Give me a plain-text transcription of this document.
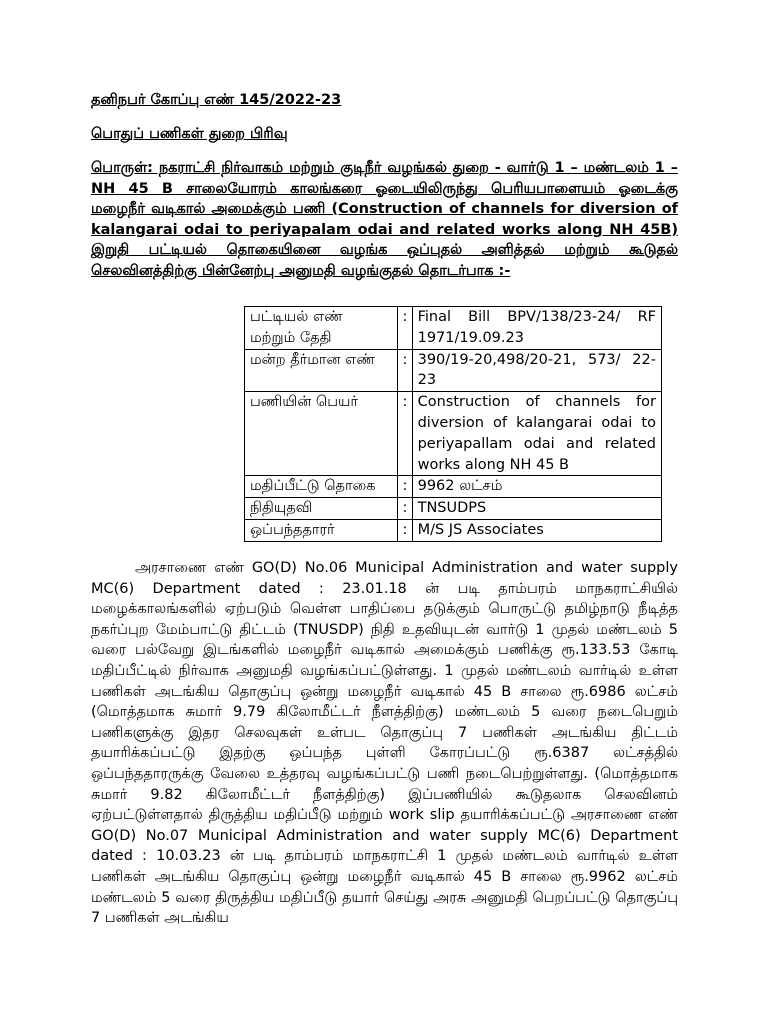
தனிநபர் கோப்பு எண் 145/2022-23
பொதுப் பணிகள் துறை பிரிவு
பொருள்: நகராட்சி நிர்வாகம் மற்றும் குடிநீர் வழங்கல் துறை - வார்டு 1 – மண்டலம் 1 – NH 45 B சாலையோரம் காலங்கரை ஓடையிலிருந்து பெரியபாளையம் ஓடைக்கு மழைநீர் வடிகால் அமைக்கும் பணி (Construction of channels for diversion of kalangarai odai to periyapalam odai and related works along NH 45B) இறுதி பட்டியல் தொகையினை வழங்க ஒப்புதல் அளித்தல் மற்றும் கூடுதல் செலவினத்திற்கு பின்னேற்பு அனுமதி வழங்குதல் தொடர்பாக :-
பட்டியல் எண் மற்றும் தேதி	:	Final Bill BPV/138/23-24/ RF 1971/19.09.23
மன்ற தீர்மான எண்	:	390/19-20,498/20-21, 573/ 22-23
பணியின் பெயர்	:	Construction of channels for diversion of kalangarai odai to periyapallam odai and related works along NH 45 B
மதிப்பீட்டு தொகை	:	9962 லட்சம்
நிதியுதவி	:	TNSUDPS
ஒப்பந்ததாரர்	:	M/S JS Associates
அரசாணை எண் GO(D) No.06 Municipal Administration and water supply MC(6) Department dated : 23.01.18 ன் படி தாம்பரம் மாநகராட்சியில் மழைக்காலங்களில் ஏற்படும் வெள்ள பாதிப்பை தடுக்கும் பொருட்டு தமிழ்நாடு நீடித்த நகர்ப்புற மேம்பாட்டு திட்டம் (TNUSDP) நிதி உதவியுடன் வார்டு 1 முதல் மண்டலம் 5 வரை பல்வேறு இடங்களில் மழைநீர் வடிகால் அமைக்கும் பணிக்கு ரூ.133.53 கோடி மதிப்பீட்டில் நிர்வாக அனுமதி வழங்கப்பட்டுள்ளது. 1 முதல் மண்டலம் வார்டில் உள்ள பணிகள் அடங்கிய தொகுப்பு ஒன்று மழைநீர் வடிகால் 45 B சாலை ரூ.6986 லட்சம் (மொத்தமாக சுமார் 9.79 கிலோமீட்டர் நீளத்திற்கு) மண்டலம் 5 வரை நடைபெறும் பணிகளுக்கு இதர செலவுகள் உள்பட தொகுப்பு 7 பணிகள் அடங்கிய திட்டம் தயாரிக்கப்பட்டு இதற்கு ஒப்பந்த புள்ளி கோரப்பட்டு ரூ.6387 லட்சத்தில் ஒப்பந்ததாரருக்கு வேலை உத்தரவு வழங்கப்பட்டு பணி நடைபெற்றுள்ளது. (மொத்தமாக சுமார் 9.82 கிலோமீட்டர் நீளத்திற்கு) இப்பணியில் கூடுதலாக செலவினம் ஏற்பட்டுள்ளதால் திருத்திய மதிப்பீடு மற்றும் work slip தயாரிக்கப்பட்டு அரசாணை எண் GO(D) No.07 Municipal Administration and water supply MC(6) Department dated : 10.03.23 ன் படி தாம்பரம் மாநகராட்சி 1 முதல் மண்டலம் வார்டில் உள்ள பணிகள் அடங்கிய தொகுப்பு ஒன்று மழைநீர் வடிகால் 45 B சாலை ரூ.9962 லட்சம் மண்டலம் 5 வரை திருத்திய மதிப்பீடு தயார் செய்து அரசு அனுமதி பெறப்பட்டு தொகுப்பு 7 பணிகள் அடங்கிய
